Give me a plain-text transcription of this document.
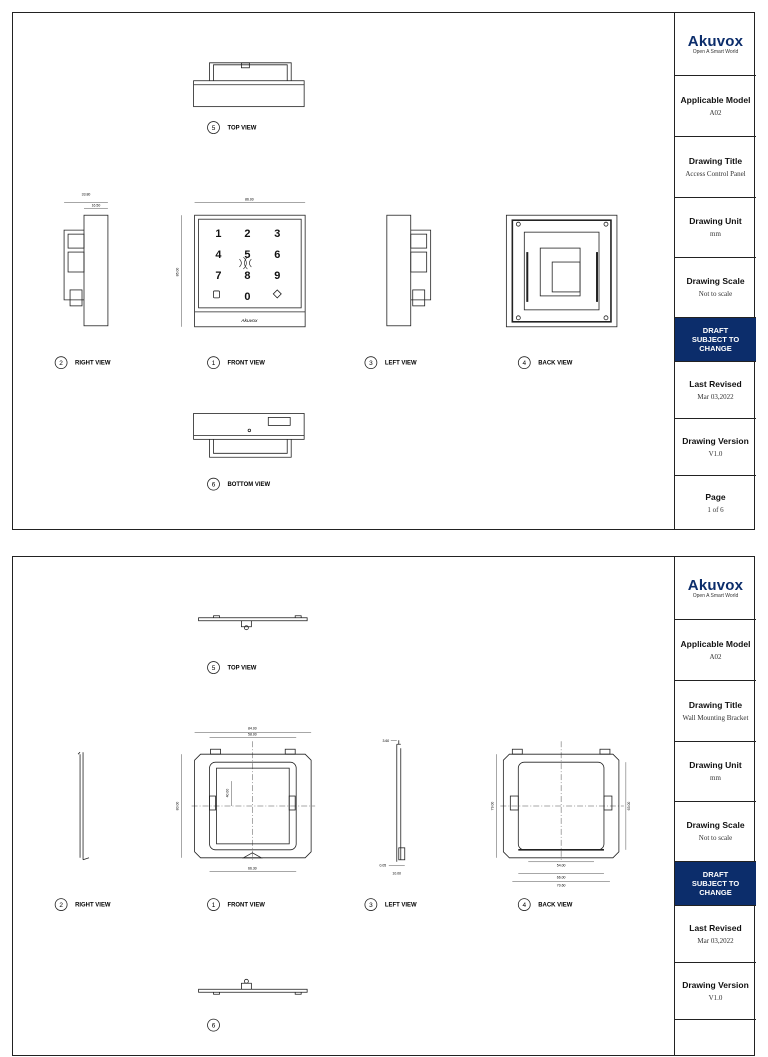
1 2 3
4 5 6
7 8 9
0
Akuvox
86.00
33.80
16.50
86.00
5 TOP VIEW
2 RIGHT VIEW	1 FRONT VIEW	3 LEFT VIEW	4 BACK VIEW
6 BOTTOM VIEW
Akuvox
Open A Smart World
Applicable Model
A02
Drawing Title
Access Control Panel
Drawing Unit
mm
Drawing Scale
Not to scale
DRAFT
SUBJECT TO
CHANGE
Last Revised
Mar 03,2022
Drawing Version
V1.0
Page
1 of 6
84.00
58.00
80.00
40.00
66.30
3.60
0.05
10.00
79.00	63.00
54.00
66.00
70.60
5 TOP VIEW
2 RIGHT VIEW	1 FRONT VIEW	3 LEFT VIEW	4 BACK VIEW
6
Akuvox
Open A Smart World
Applicable Model
A02
Drawing Title
Wall Mounting Bracket
Drawing Unit
mm
Drawing Scale
Not to scale
DRAFT
SUBJECT TO
CHANGE
Last Revised
Mar 03,2022
Drawing Version
V1.0
